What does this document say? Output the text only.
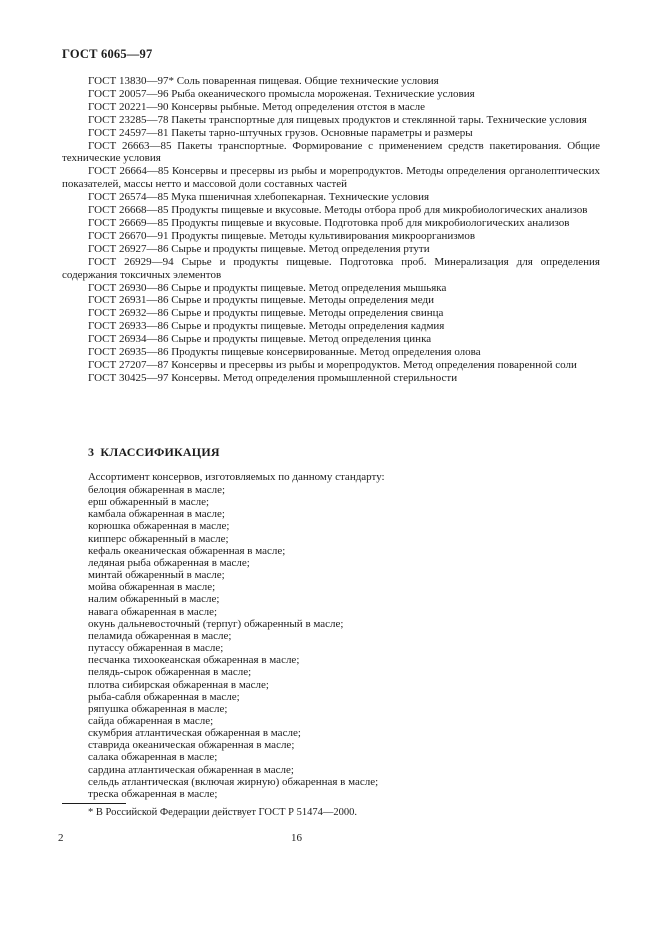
ГОСТ 6065—97

ГОСТ 13830—97* Соль поваренная пищевая. Общие технические условия

ГОСТ 20057—96 Рыба океанического промысла мороженая. Технические условия

ГОСТ 20221—90 Консервы рыбные. Метод определения отстоя в масле

ГОСТ 23285—78 Пакеты транспортные для пищевых продуктов и стеклянной тары. Технические условия

ГОСТ 24597—81 Пакеты тарно-штучных грузов. Основные параметры и размеры

ГОСТ 26663—85 Пакеты транспортные. Формирование с применением средств пакетирования. Общие технические условия

ГОСТ 26664—85 Консервы и пресервы из рыбы и морепродуктов. Методы определения органолептических показателей, массы нетто и массовой доли составных частей

ГОСТ 26574—85 Мука пшеничная хлебопекарная. Технические условия

ГОСТ 26668—85 Продукты пищевые и вкусовые. Методы отбора проб для микробиологических анализов

ГОСТ 26669—85 Продукты пищевые и вкусовые. Подготовка проб для микробиологических анализов

ГОСТ 26670—91 Продукты пищевые. Методы культивирования микроорганизмов

ГОСТ 26927—86 Сырье и продукты пищевые. Метод определения ртути

ГОСТ 26929—94 Сырье и продукты пищевые. Подготовка проб. Минерализация для определения содержания токсичных элементов

ГОСТ 26930—86 Сырье и продукты пищевые. Метод определения мышьяка

ГОСТ 26931—86 Сырье и продукты пищевые. Методы определения меди

ГОСТ 26932—86 Сырье и продукты пищевые. Методы определения свинца

ГОСТ 26933—86 Сырье и продукты пищевые. Методы определения кадмия

ГОСТ 26934—86 Сырье и продукты пищевые. Метод определения цинка

ГОСТ 26935—86 Продукты пищевые консервированные. Метод определения олова

ГОСТ 27207—87 Консервы и пресервы из рыбы и морепродуктов. Метод определения поваренной соли

ГОСТ 30425—97 Консервы. Метод определения промышленной стерильности

3 КЛАССИФИКАЦИЯ

Ассортимент консервов, изготовляемых по данному стандарту:

белоция обжаренная в масле;
ерш обжаренный в масле;
камбала обжаренная в масле;
корюшка обжаренная в масле;
кипперс обжаренный в масле;
кефаль океаническая обжаренная в масле;
ледяная рыба обжаренная в масле;
минтай обжаренный в масле;
мойва обжаренная в масле;
налим обжаренный в масле;
навага обжаренная в масле;
окунь дальневосточный (терпуг) обжаренный в масле;
пеламида обжаренная в масле;
путассу обжаренная в масле;
песчанка тихоокеанская обжаренная в масле;
пелядь-сырок обжаренная в масле;
плотва сибирская обжаренная в масле;
рыба-сабля обжаренная в масле;
ряпушка обжаренная в масле;
сайда обжаренная в масле;
скумбрия атлантическая обжаренная в масле;
ставрида океаническая обжаренная в масле;
салака обжаренная в масле;
сардина атлантическая обжаренная в масле;
сельдь атлантическая (включая жирную) обжаренная в масле;
треска обжаренная в масле;

* В Российской Федерации действует ГОСТ Р 51474—2000.

2	16
